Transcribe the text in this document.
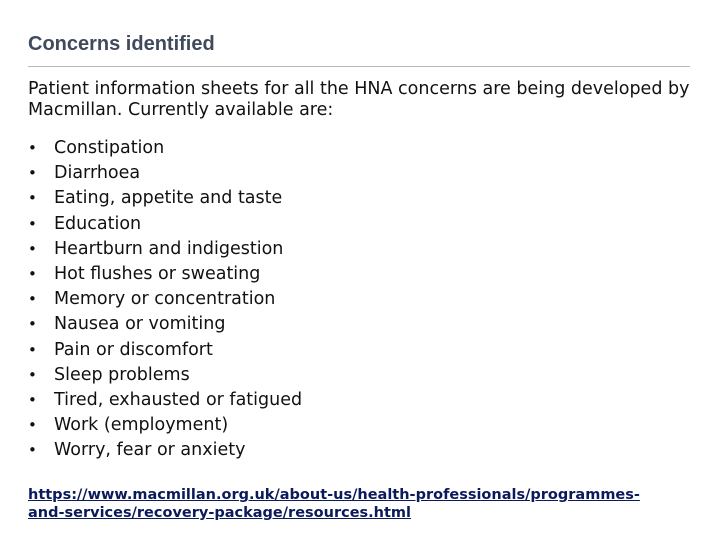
Concerns identified

Patient information sheets for all the HNA concerns are being developed by Macmillan. Currently available are:

• Constipation
• Diarrhoea
• Eating, appetite and taste
• Education
• Heartburn and indigestion
• Hot flushes or sweating
• Memory or concentration
• Nausea or vomiting
• Pain or discomfort
• Sleep problems
• Tired, exhausted or fatigued
• Work (employment)
• Worry, fear or anxiety
https://www.macmillan.org.uk/about-us/health-professionals/programmes-and-services/recovery-package/resources.html
